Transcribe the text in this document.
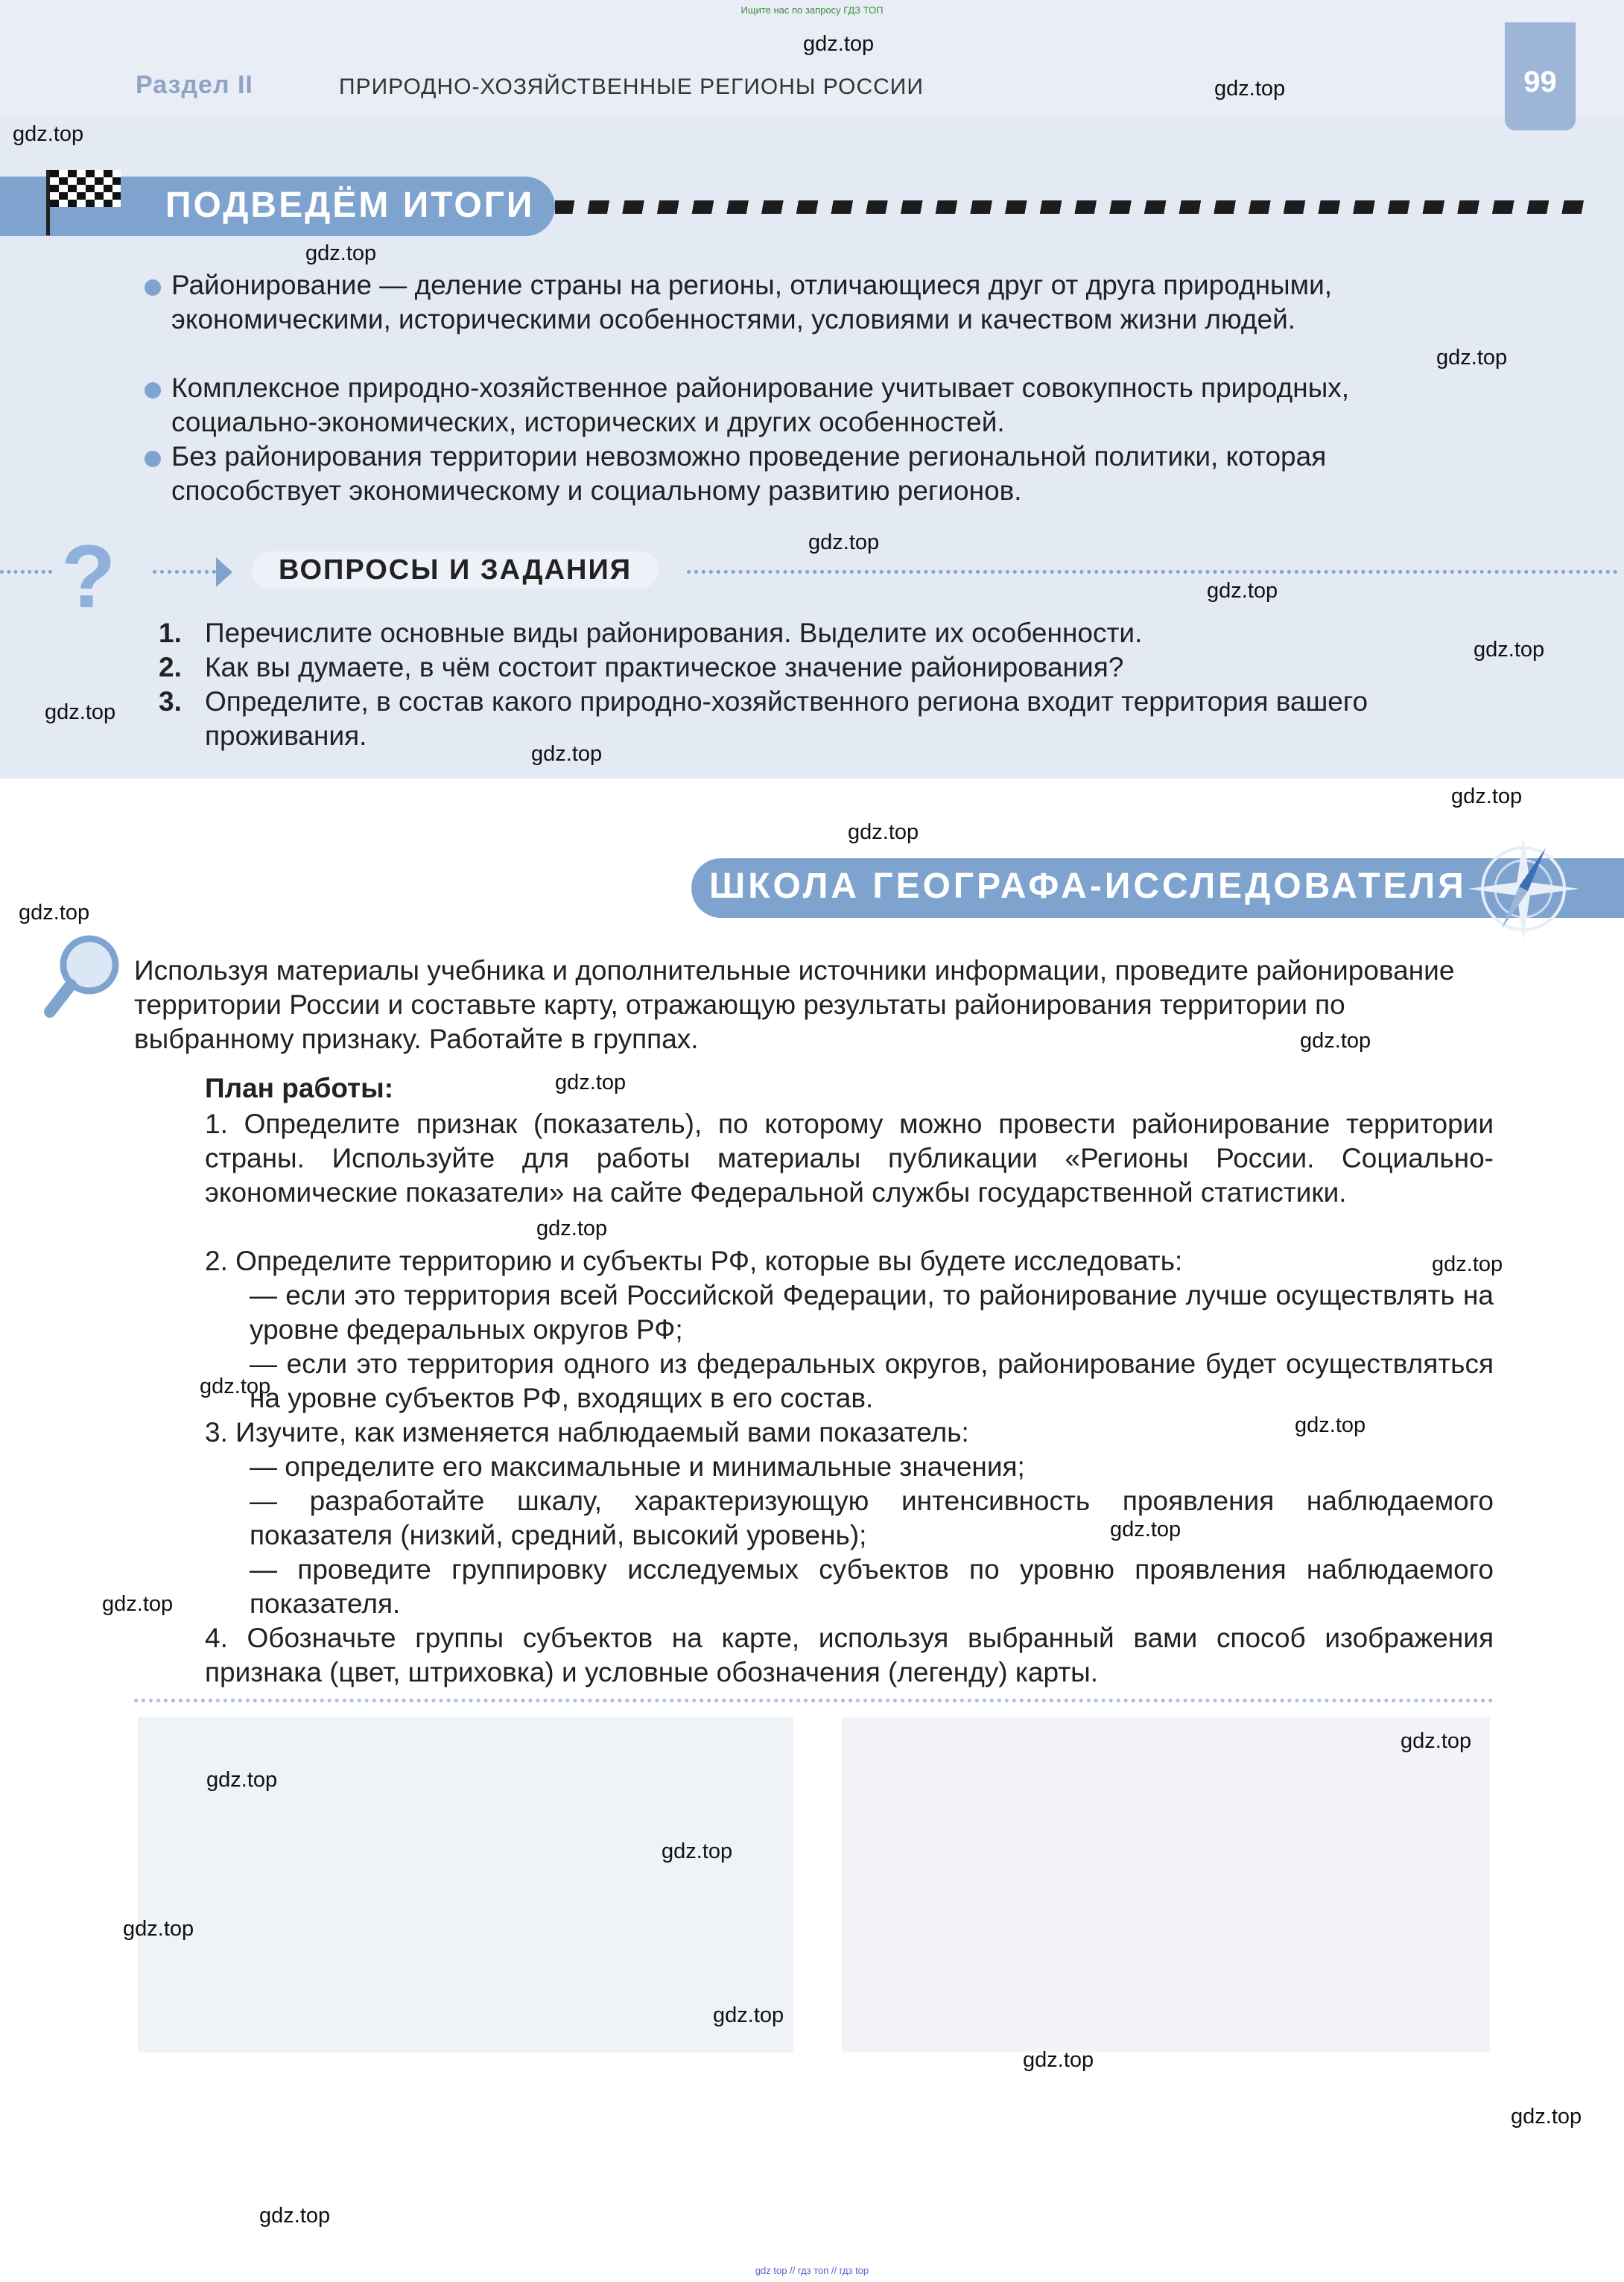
Ищите нас по запросу ГДЗ ТОП
Раздел II	ПРИРОДНО-ХОЗЯЙСТВЕННЫЕ РЕГИОНЫ РОССИИ	99
ПОДВЕДЁМ ИТОГИ
Районирование — деление страны на регионы, отличающиеся друг от друга природными, экономическими, историческими особенностями, условиями и качеством жизни людей.
Комплексное природно-хозяйственное районирование учитывает совокупность природных, социально-экономических, исторических и других особенностей.
Без районирования территории невозможно проведение региональной политики, которая способствует экономическому и социальному развитию регионов.
?	ВОПРОСЫ И ЗАДАНИЯ
1. Перечислите основные виды районирования. Выделите их особенности.
2. Как вы думаете, в чём состоит практическое значение районирования?
3. Определите, в состав какого природно-хозяйственного региона входит территория вашего проживания.
ШКОЛА ГЕОГРАФА-ИССЛЕДОВАТЕЛЯ
Используя материалы учебника и дополнительные источники информации, проведите районирование территории России и составьте карту, отражающую результаты районирования территории по выбранному признаку. Работайте в группах.
План работы:
1. Определите признак (показатель), по которому можно провести районирование территории страны. Используйте для работы материалы публикации «Регионы России. Социально-экономические показатели» на сайте Федеральной службы государственной статистики.
2. Определите территорию и субъекты РФ, которые вы будете исследовать:
— если это территория всей Российской Федерации, то районирование лучше осуществлять на уровне федеральных округов РФ;
— если это территория одного из федеральных округов, районирование будет осуществляться на уровне субъектов РФ, входящих в его состав.
3. Изучите, как изменяется наблюдаемый вами показатель:
— определите его максимальные и минимальные значения;
— разработайте шкалу, характеризующую интенсивность проявления наблюдаемого показателя (низкий, средний, высокий уровень);
— проведите группировку исследуемых субъектов по уровню проявления наблюдаемого показателя.
4. Обозначьте группы субъектов на карте, используя выбранный вами способ изображения признака (цвет, штриховка) и условные обозначения (легенду) карты.
gdz.top
gdz.top
gdz.top
gdz.top
gdz.top
gdz.top
gdz.top
gdz.top
gdz.top
gdz.top
gdz.top
gdz.top
gdz.top
gdz.top
gdz.top
gdz.top
gdz.top
gdz.top
gdz.top
gdz.top
gdz.top
gdz.top
gdz.top
gdz.top
gdz.top
gdz.top
gdz.top
gdz.top
gdz.top
gdz top // гдз топ // гдз top
